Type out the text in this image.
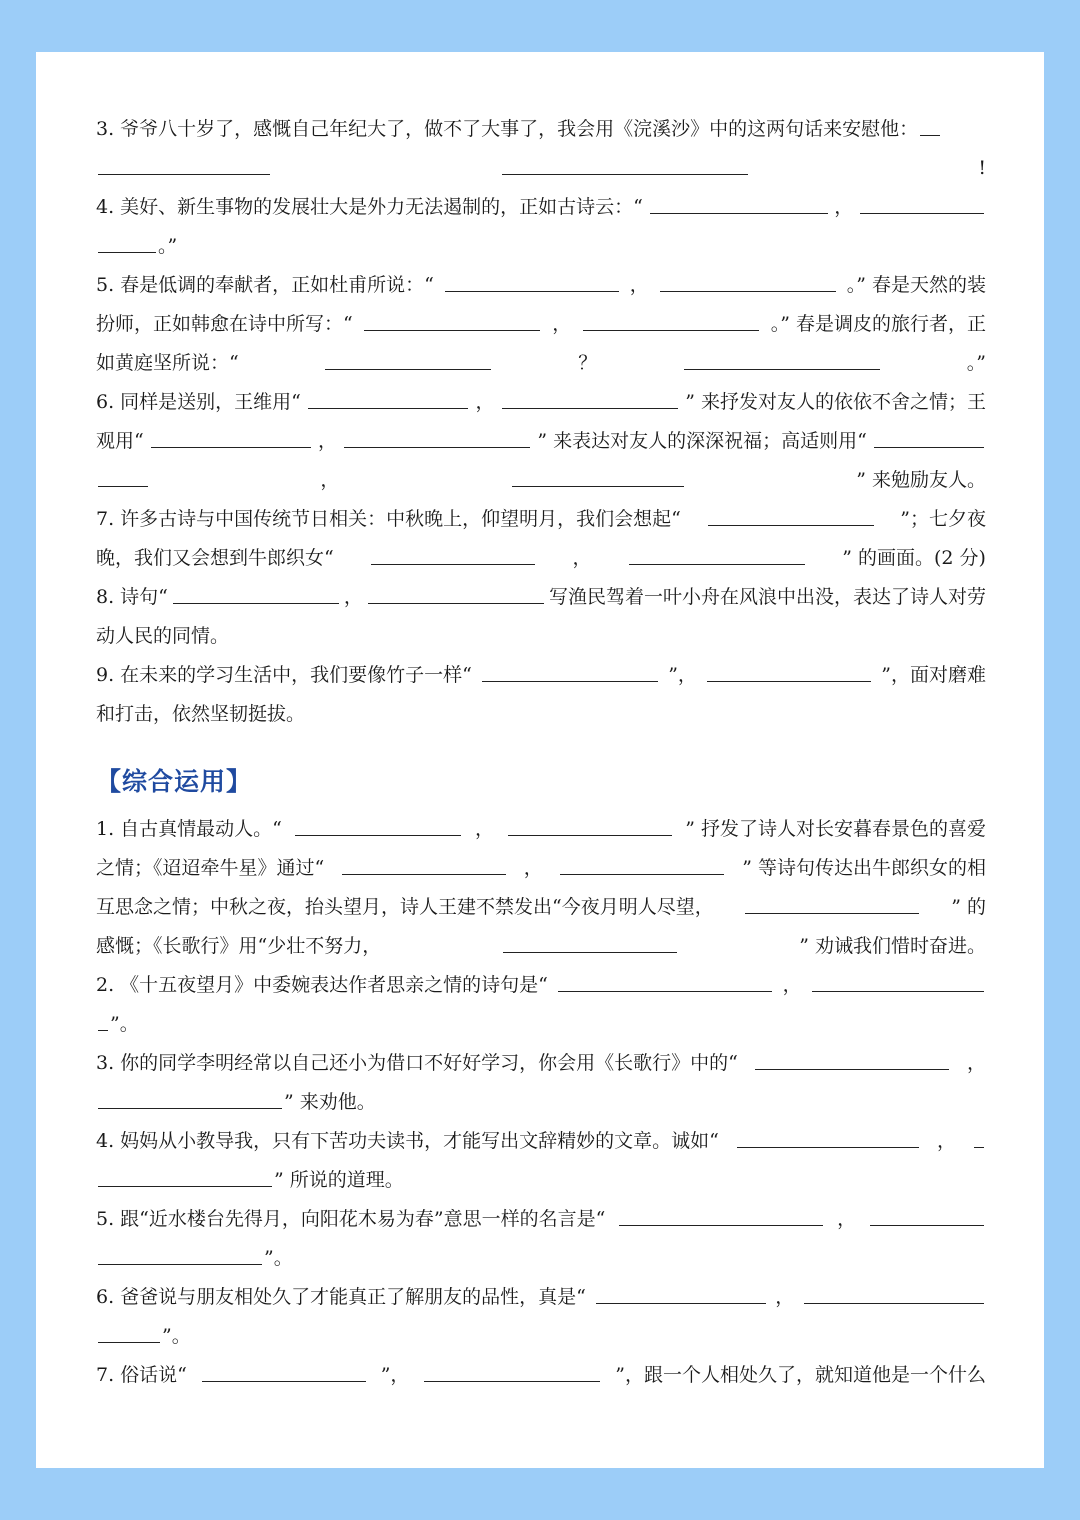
3. 爷爷八十岁了，感慨自己年纪大了，做不了大事了，我会用《浣溪沙》中的这两句话来安慰他：
!
4. 美好、新生事物的发展壮大是外力无法遏制的，正如古诗云：“	，
。”
5. 春是低调的奉献者，正如杜甫所说：“	，	。” 春是天然的装
扮师，正如韩愈在诗中所写：“	，	。” 春是调皮的旅行者，正
如黄庭坚所说：“	？	。”
6. 同样是送别，王维用“	，	” 来抒发对友人的依依不舍之情；王
观用“	，	” 来表达对友人的深深祝福；高适则用“
，	” 来勉励友人。
7. 许多古诗与中国传统节日相关：中秋晚上，仰望明月，我们会想起“	”；七夕夜
晚，我们又会想到牛郎织女“	，	” 的画面。(2 分)
8. 诗句“	，	写渔民驾着一叶小舟在风浪中出没，表达了诗人对劳
动人民的同情。
9. 在未来的学习生活中，我们要像竹子一样“	”，	”，面对磨难
和打击，依然坚韧挺拔。
【综合运用】
1. 自古真情最动人。“	，	” 抒发了诗人对长安暮春景色的喜爱
之情；《迢迢牵牛星》通过“	，	” 等诗句传达出牛郎织女的相
互思念之情；中秋之夜，抬头望月，诗人王建不禁发出“今夜月明人尽望，	” 的
感慨；《长歌行》用“少壮不努力，	” 劝诫我们惜时奋进。
2. 《十五夜望月》中委婉表达作者思亲之情的诗句是“	，
”。
3. 你的同学李明经常以自己还小为借口不好好学习，你会用《长歌行》中的“	，
” 来劝他。
4. 妈妈从小教导我，只有下苦功夫读书，才能写出文辞精妙的文章。诚如“	，
” 所说的道理。
5. 跟“近水楼台先得月，向阳花木易为春”意思一样的名言是“	，
”。
6. 爸爸说与朋友相处久了才能真正了解朋友的品性，真是“	，
”。
7. 俗话说“	”，	”，跟一个人相处久了，就知道他是一个什么
